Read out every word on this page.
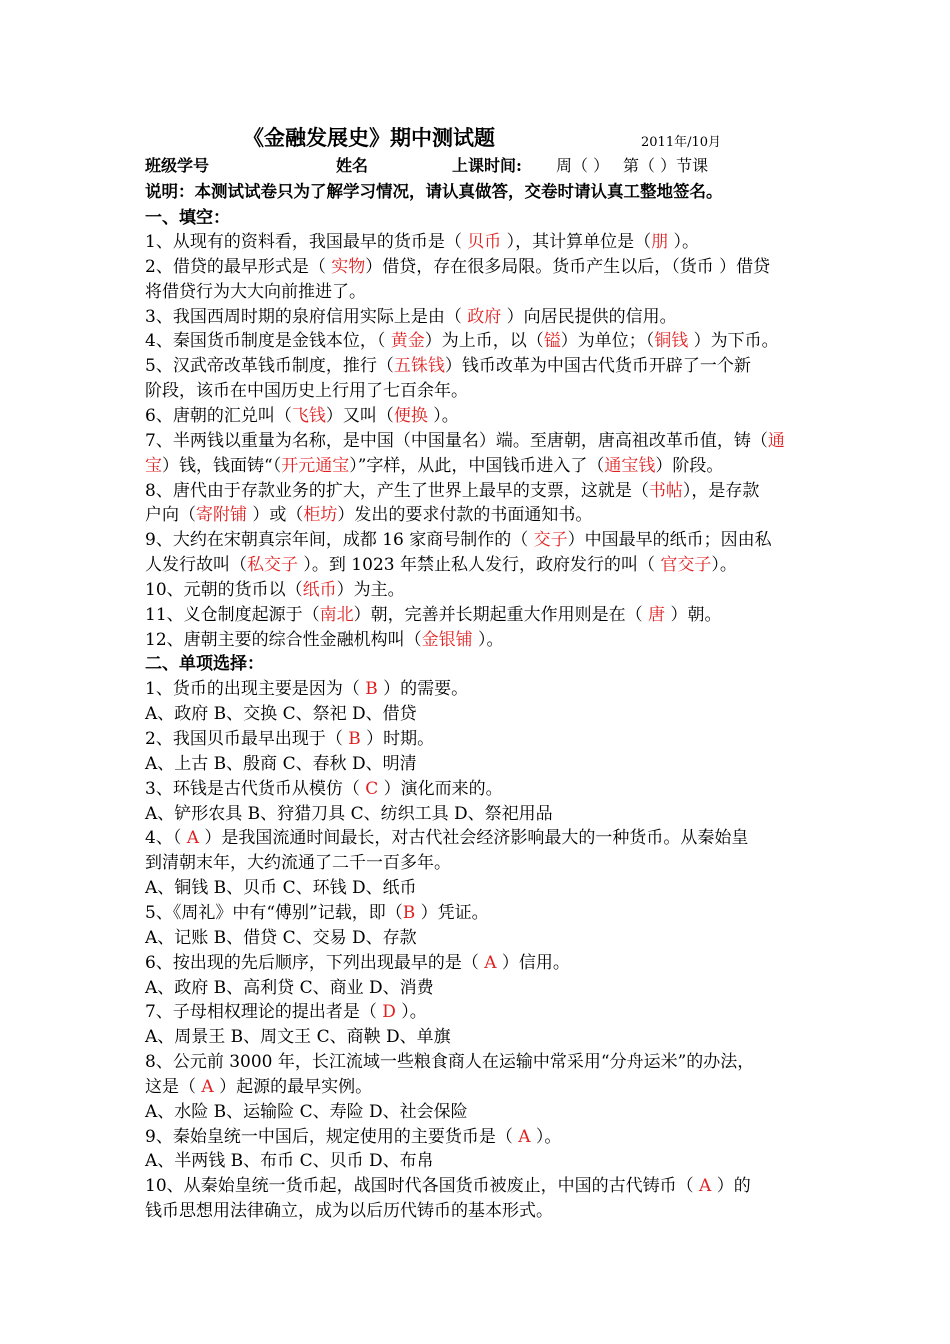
《金融发展史》期中测试题	2011年/10月
班级学号	姓名	上课时间: 周（ ） 第（ ）节课
说明：本测试试卷只为了解学习情况，请认真做答，交卷时请认真工整地签名。
一、填空：
1、从现有的资料看，我国最早的货币是（ 贝币 ），其计算单位是（朋 ）。
2、借贷的最早形式是（ 实物）借贷，存在很多局限。货币产生以后，（货币 ）借贷
将借贷行为大大向前推进了。
3、我国西周时期的泉府信用实际上是由（ 政府 ）向居民提供的信用。
4、秦国货币制度是金钱本位，（ 黄金）为上币，以（镒）为单位；（铜钱 ）为下币。
5、汉武帝改革钱币制度，推行（五铢钱）钱币改革为中国古代货币开辟了一个新
阶段，该币在中国历史上行用了七百余年。
6、唐朝的汇兑叫（飞钱）又叫（便换 ）。
7、半两钱以重量为名称，是中国（中国量名）端。至唐朝，唐高祖改革币值，铸（通
宝）钱，钱面铸“（开元通宝）”字样，从此，中国钱币进入了（通宝钱）阶段。
8、唐代由于存款业务的扩大，产生了世界上最早的支票，这就是（书帖），是存款
户向（寄附铺 ）或（柜坊）发出的要求付款的书面通知书。
9、大约在宋朝真宗年间，成都 16 家商号制作的（ 交子）中国最早的纸币；因由私
人发行故叫（私交子 ）。到 1023 年禁止私人发行，政府发行的叫（ 官交子）。
10、元朝的货币以（纸币）为主。
11、义仓制度起源于（南北）朝，完善并长期起重大作用则是在（ 唐 ）朝。
12、唐朝主要的综合性金融机构叫（金银铺 ）。
二、单项选择：
1、货币的出现主要是因为（ B ）的需要。
A、政府 B、交换 C、祭祀 D、借贷
2、我国贝币最早出现于（ B ）时期。
A、上古 B、殷商 C、春秋 D、明清
3、环钱是古代货币从模仿（ C ）演化而来的。
A、铲形农具 B、狩猎刀具 C、纺织工具 D、祭祀用品
4、（ A ）是我国流通时间最长，对古代社会经济影响最大的一种货币。从秦始皇
到清朝末年，大约流通了二千一百多年。
A、铜钱 B、贝币 C、环钱 D、纸币
5、《周礼》中有“傅别”记载，即（B ）凭证。
A、记账 B、借贷 C、交易 D、存款
6、按出现的先后顺序，下列出现最早的是（ A ）信用。
A、政府 B、高利贷 C、商业 D、消费
7、子母相权理论的提出者是（ D ）。
A、周景王 B、周文王 C、商鞅 D、单旗
8、公元前 3000 年，长江流域一些粮食商人在运输中常采用“分舟运米”的办法，
这是（ A ）起源的最早实例。
A、水险 B、运输险 C、寿险 D、社会保险
9、秦始皇统一中国后，规定使用的主要货币是（ A ）。
A、半两钱 B、布币 C、贝币 D、布帛
10、从秦始皇统一货币起，战国时代各国货币被废止，中国的古代铸币（ A ）的
钱币思想用法律确立，成为以后历代铸币的基本形式。
